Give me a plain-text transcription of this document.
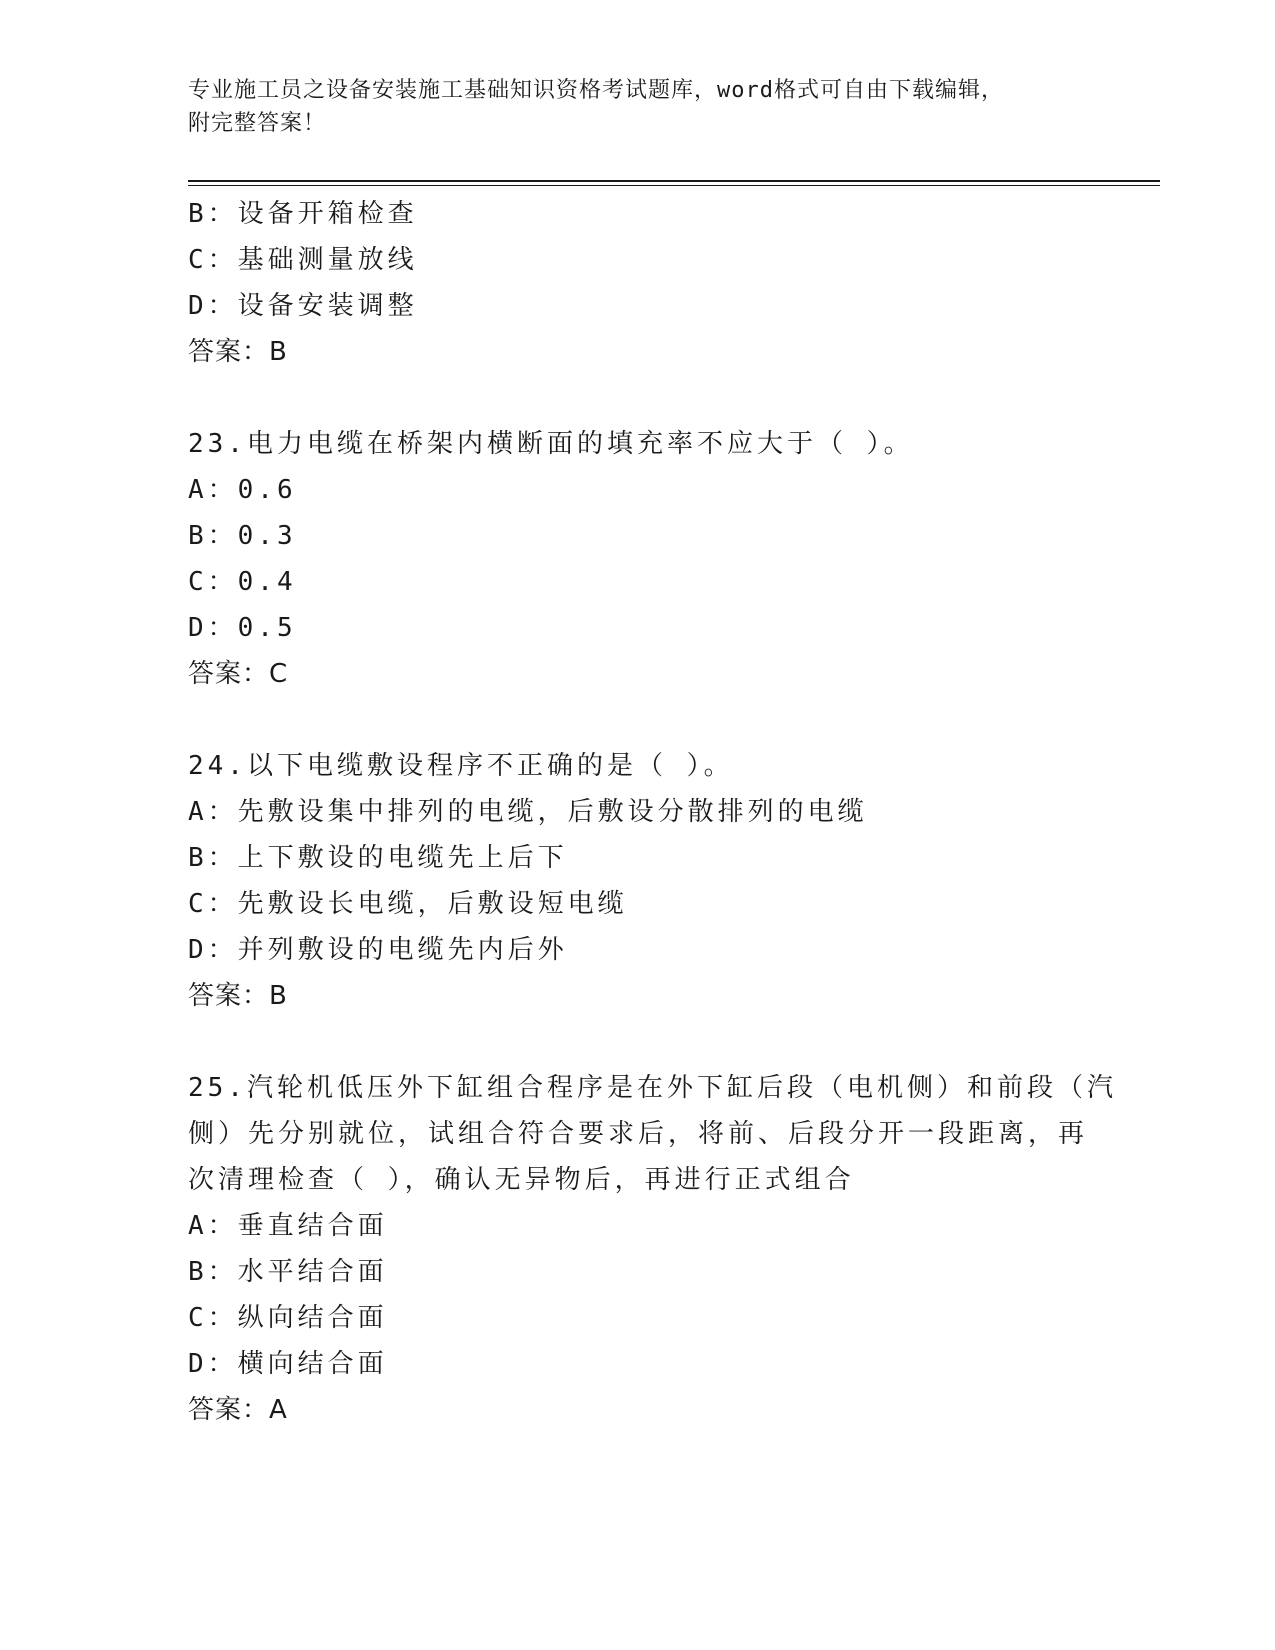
专业施工员之设备安装施工基础知识资格考试题库，word格式可自由下载编辑，
附完整答案！
B：设备开箱检查
C：基础测量放线
D：设备安装调整
答案：B
23.电力电缆在桥架内横断面的填充率不应大于（ ）。
A：0.6
B：0.3
C：0.4
D：0.5
答案：C
24.以下电缆敷设程序不正确的是（ ）。
A：先敷设集中排列的电缆，后敷设分散排列的电缆
B：上下敷设的电缆先上后下
C：先敷设长电缆，后敷设短电缆
D：并列敷设的电缆先内后外
答案：B
25.汽轮机低压外下缸组合程序是在外下缸后段（电机侧）和前段（汽
侧）先分别就位，试组合符合要求后，将前、后段分开一段距离，再
次清理检查（ ），确认无异物后，再进行正式组合
A：垂直结合面
B：水平结合面
C：纵向结合面
D：横向结合面
答案：A
